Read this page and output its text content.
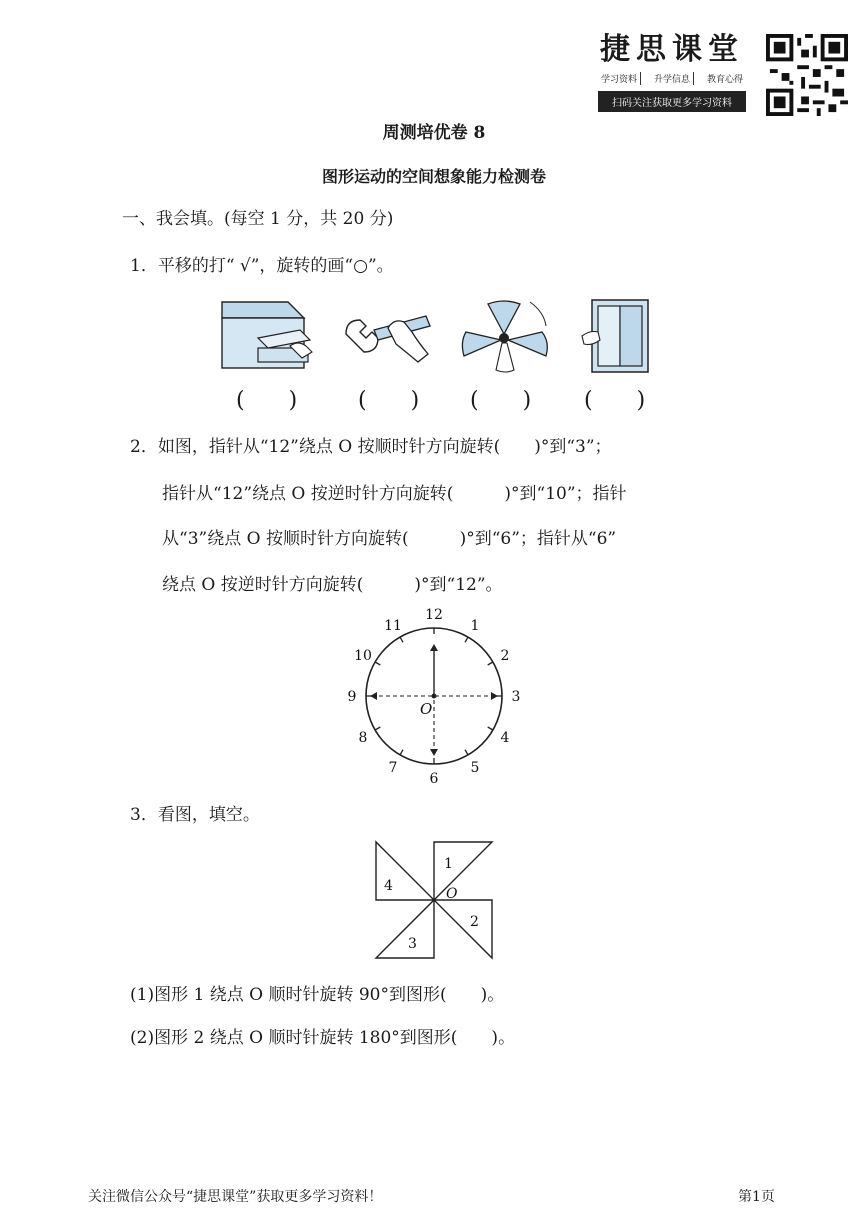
捷思课堂
学习资料	升学信息	教育心得
扫码关注获取更多学习资料
周测培优卷 8
图形运动的空间想象能力检测卷
一、我会填。(每空 1 分，共 20 分)
1．平移的打“ √”，旋转的画“○”。
(　　)	(　　) (　　) (　　)
2．如图，指针从“12”绕点 O 按顺时针方向旋转(　　)°到“3”；
指针从“12”绕点 O 按逆时针方向旋转(　　　)°到“10”；指针
从“3”绕点 O 按顺时针方向旋转(　　　)°到“6”；指针从“6”
绕点 O 按逆时针方向旋转(　　　)°到“12”。
12
1
2
3
4
5
6
7
8
9
10
11
O
3．看图，填空。
1
2
3
4	O
(1)图形 1 绕点 O 顺时针旋转 90°到图形(　　)。
(2)图形 2 绕点 O 顺时针旋转 180°到图形(　　)。
关注微信公众号“捷思课堂”获取更多学习资料！	第1页
